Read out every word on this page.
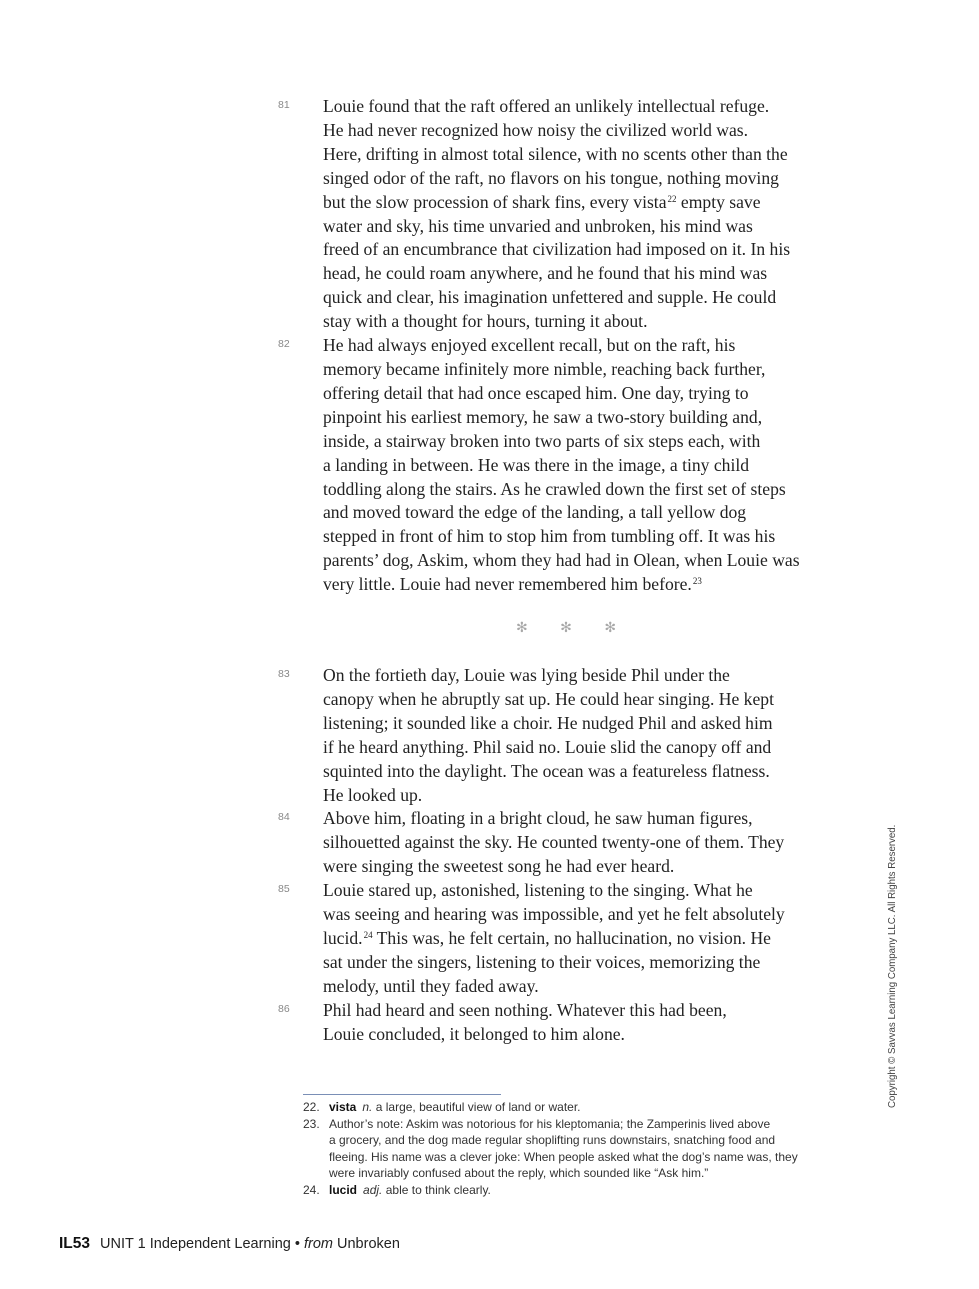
81	Louie found that the raft offered an unlikely intellectual refuge.
He had never recognized how noisy the civilized world was.
Here, drifting in almost total silence, with no scents other than the
singed odor of the raft, no flavors on his tongue, nothing moving
but the slow procession of shark fins, every vista$^{22}$ empty save
water and sky, his time unvaried and unbroken, his mind was
freed of an encumbrance that civilization had imposed on it. In his
head, he could roam anywhere, and he found that his mind was
quick and clear, his imagination unfettered and supple. He could
stay with a thought for hours, turning it about.

82	He had always enjoyed excellent recall, but on the raft, his
memory became infinitely more nimble, reaching back further,
offering detail that had once escaped him. One day, trying to
pinpoint his earliest memory, he saw a two-story building and,
inside, a stairway broken into two parts of six steps each, with
a landing in between. He was there in the image, a tiny child
toddling along the stairs. As he crawled down the first set of steps
and moved toward the edge of the landing, a tall yellow dog
stepped in front of him to stop him from tumbling off. It was his
parents’ dog, Askim, whom they had had in Olean, when Louie was
very little. Louie had never remembered him before.$^{23}$

✻ ✻ ✻

83	On the fortieth day, Louie was lying beside Phil under the
canopy when he abruptly sat up. He could hear singing. He kept
listening; it sounded like a choir. He nudged Phil and asked him
if he heard anything. Phil said no. Louie slid the canopy off and
squinted into the daylight. The ocean was a featureless flatness.
He looked up.

84	Above him, floating in a bright cloud, he saw human figures,
silhouetted against the sky. He counted twenty-one of them. They
were singing the sweetest song he had ever heard.

85	Louie stared up, astonished, listening to the singing. What he
was seeing and hearing was impossible, and yet he felt absolutely
lucid.$^{24}$ This was, he felt certain, no hallucination, no vision. He
sat under the singers, listening to their voices, memorizing the
melody, until they faded away.

86	Phil had heard and seen nothing. Whatever this had been,
Louie concluded, it belonged to him alone.

22. vista  n. a large, beautiful view of land or water.

23. Author’s note: Askim was notorious for his kleptomania; the Zamperinis lived above
a grocery, and the dog made regular shoplifting runs downstairs, snatching food and
fleeing. His name was a clever joke: When people asked what the dog’s name was, they
were invariably confused about the reply, which sounded like “Ask him.”

24. lucid  adj. able to think clearly.

Copyright © Savvas Learning Company LLC. All Rights Reserved.
IL53 UNIT 1 Independent Learning • from Unbroken
